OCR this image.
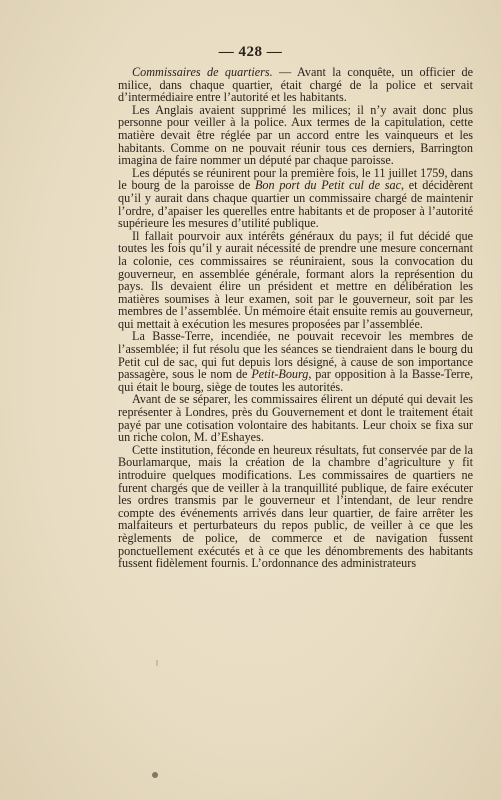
— 428 —

Commissaires de quartiers. — Avant la conquête, un officier de milice, dans chaque quartier, était chargé de la police et servait d’intermédiaire entre l’autorité et les habitants.

Les Anglais avaient supprimé les milices; il n’y avait donc plus personne pour veiller à la police. Aux termes de la capitulation, cette matière devait être réglée par un accord entre les vainqueurs et les habitants. Comme on ne pouvait réunir tous ces derniers, Barrington imagina de faire nommer un député par chaque paroisse.

Les députés se réunirent pour la première fois, le 11 juillet 1759, dans le bourg de la paroisse de Bon port du Petit cul de sac, et décidèrent qu’il y aurait dans chaque quartier un commissaire chargé de maintenir l’ordre, d’apaiser les querelles entre habitants et de proposer à l’autorité supérieure les mesures d’utilité publique.

Il fallait pourvoir aux intérêts généraux du pays; il fut décidé que toutes les fois qu’il y aurait nécessité de prendre une mesure concernant la colonie, ces commissaires se réuniraient, sous la convocation du gouverneur, en assemblée générale, formant alors la représention du pays. Ils devaient élire un président et mettre en délibération les matières soumises à leur examen, soit par le gouverneur, soit par les membres de l’assemblée. Un mémoire était ensuite remis au gouverneur, qui mettait à exécution les mesures proposées par l’assemblée.

La Basse-Terre, incendiée, ne pouvait recevoir les membres de l’assemblée; il fut résolu que les séances se tiendraient dans le bourg du Petit cul de sac, qui fut depuis lors désigné, à cause de son importance passagère, sous le nom de Petit-Bourg, par opposition à la Basse-Terre, qui était le bourg, siège de toutes les autorités.

Avant de se séparer, les commissaires élirent un député qui devait les représenter à Londres, près du Gouvernement et dont le traitement était payé par une cotisation volontaire des habitants. Leur choix se fixa sur un riche colon, M. d’Eshayes.

Cette institution, féconde en heureux résultats, fut conservée par de la Bourlamarque, mais la création de la chambre d’agriculture y fit introduire quelques modifications. Les commissaires de quartiers ne furent chargés que de veiller à la tranquillité publique, de faire exécuter les ordres transmis par le gouverneur et l’intendant, de leur rendre compte des événements arrivés dans leur quartier, de faire arrêter les malfaiteurs et perturbateurs du repos public, de veiller à ce que les règlements de police, de commerce et de navigation fussent ponctuellement exécutés et à ce que les dénombrements des habitants fussent fidèlement fournis. L’ordonnance des administrateurs
